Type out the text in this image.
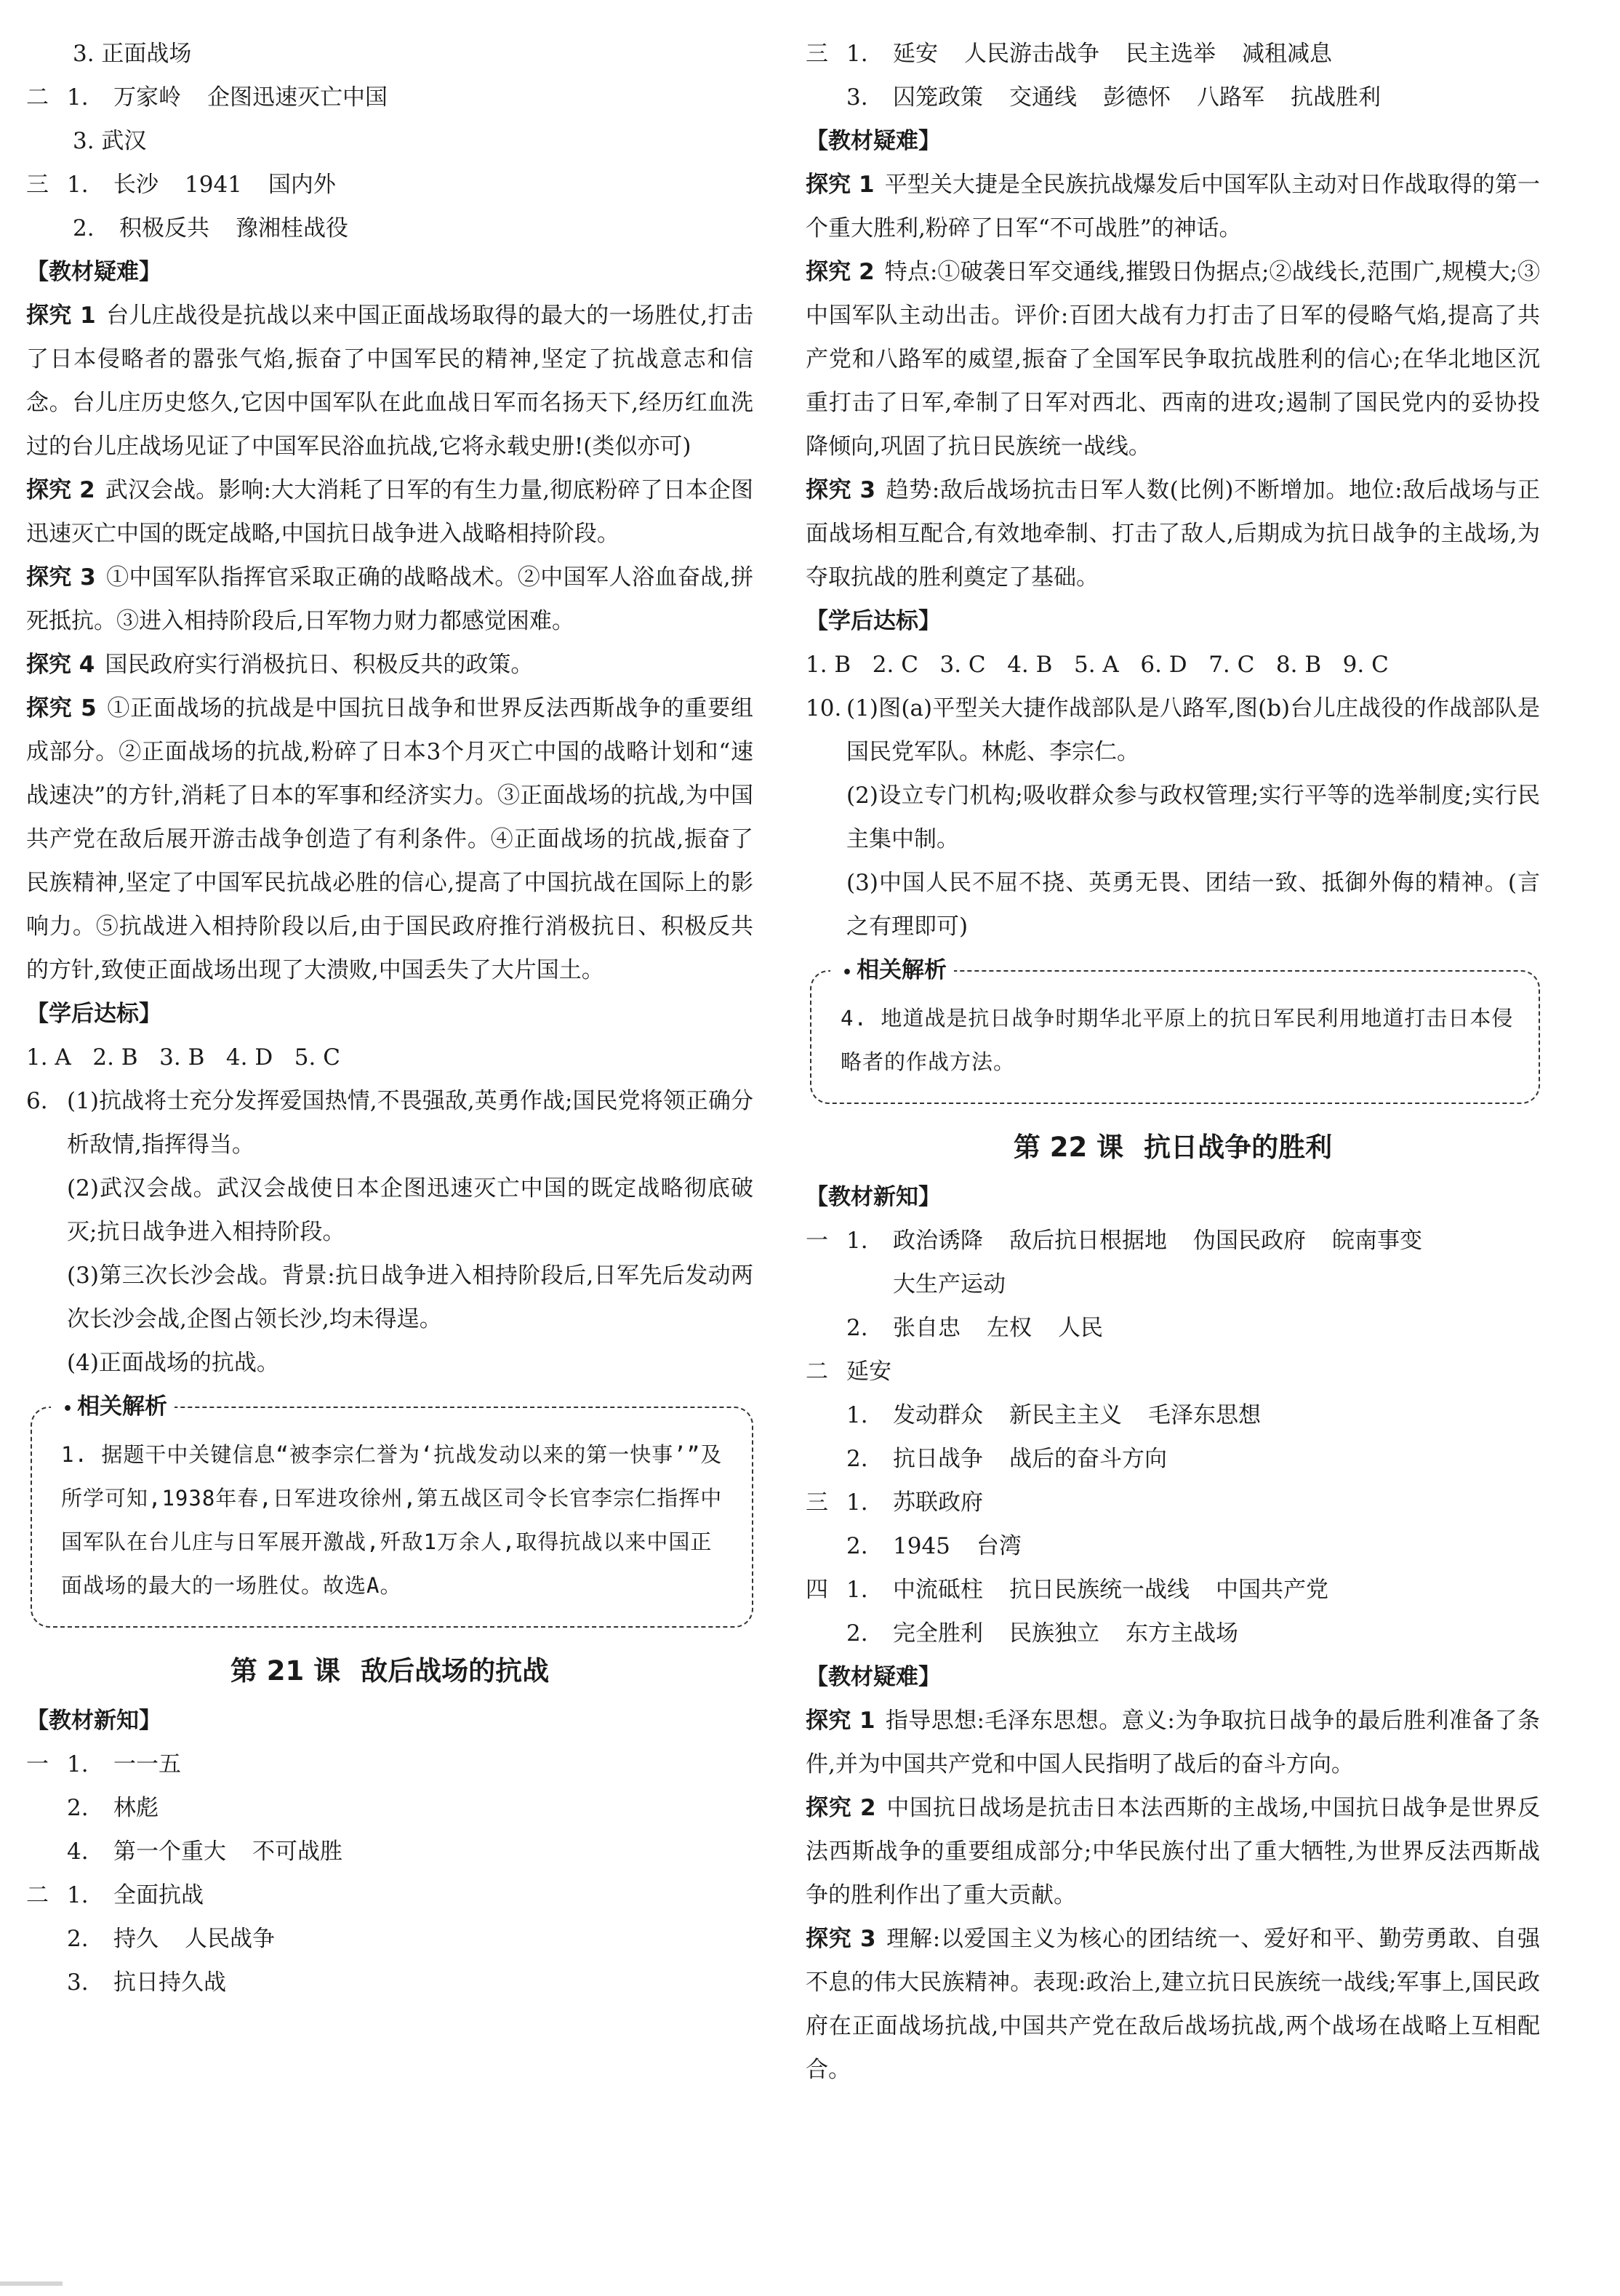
3. 正面战场
二 1.	万家岭 企图迅速灭亡中国
3. 武汉
三 1.	长沙 1941 国内外
2.	积极反共 豫湘桂战役
【教材疑难】

探究 1 台儿庄战役是抗战以来中国正面战场取得的最大的一场胜仗,打击了日本侵略者的嚣张气焰,振奋了中国军民的精神,坚定了抗战意志和信念。台儿庄历史悠久,它因中国军队在此血战日军而名扬天下,经历红血洗过的台儿庄战场见证了中国军民浴血抗战,它将永载史册!(类似亦可)

探究 2 武汉会战。影响:大大消耗了日军的有生力量,彻底粉碎了日本企图迅速灭亡中国的既定战略,中国抗日战争进入战略相持阶段。

探究 3 ①中国军队指挥官采取正确的战略战术。②中国军人浴血奋战,拼死抵抗。③进入相持阶段后,日军物力财力都感觉困难。

探究 4 国民政府实行消极抗日、积极反共的政策。

探究 5 ①正面战场的抗战是中国抗日战争和世界反法西斯战争的重要组成部分。②正面战场的抗战,粉碎了日本3个月灭亡中国的战略计划和“速战速决”的方针,消耗了日本的军事和经济实力。③正面战场的抗战,为中国共产党在敌后展开游击战争创造了有利条件。④正面战场的抗战,振奋了民族精神,坚定了中国军民抗战必胜的信心,提高了中国抗战在国际上的影响力。⑤抗战进入相持阶段以后,由于国民政府推行消极抗日、积极反共的方针,致使正面战场出现了大溃败,中国丢失了大片国土。

【学后达标】
1. A   2. B   3. B   4. D   5. C
6. (1)抗战将士充分发挥爱国热情,不畏强敌,英勇作战;国民党将领正确分析敌情,指挥得当。

(2)武汉会战。武汉会战使日本企图迅速灭亡中国的既定战略彻底破灭;抗日战争进入相持阶段。

(3)第三次长沙会战。背景:抗日战争进入相持阶段后,日军先后发动两次长沙会战,企图占领长沙,均未得逞。

(4)正面战场的抗战。

• 相关解析

1. 据题干中关键信息“被李宗仁誉为‘抗战发动以来的第一快事’”及所学可知,1938年春,日军进攻徐州,第五战区司令长官李宗仁指挥中国军队在台儿庄与日军展开激战,歼敌1万余人,取得抗战以来中国正面战场的最大的一场胜仗。故选A。

第 21 课 敌后战场的抗战
【教材新知】
一 1.	一一五
2.	林彪
4.	第一个重大 不可战胜
二 1.	全面抗战
2.	持久 人民战争
3.	抗日持久战
三 1.	延安 人民游击战争 民主选举 减租减息
3.	囚笼政策 交通线 彭德怀 八路军 抗战胜利
【教材疑难】

探究 1 平型关大捷是全民族抗战爆发后中国军队主动对日作战取得的第一个重大胜利,粉碎了日军“不可战胜”的神话。

探究 2 特点:①破袭日军交通线,摧毁日伪据点;②战线长,范围广,规模大;③中国军队主动出击。评价:百团大战有力打击了日军的侵略气焰,提高了共产党和八路军的威望,振奋了全国军民争取抗战胜利的信心;在华北地区沉重打击了日军,牵制了日军对西北、西南的进攻;遏制了国民党内的妥协投降倾向,巩固了抗日民族统一战线。

探究 3 趋势:敌后战场抗击日军人数(比例)不断增加。地位:敌后战场与正面战场相互配合,有效地牵制、打击了敌人,后期成为抗日战争的主战场,为夺取抗战的胜利奠定了基础。

【学后达标】
1. B   2. C   3. C   4. B   5. A   6. D   7. C   8. B   9. C
10. (1)图(a)平型关大捷作战部队是八路军,图(b)台儿庄战役的作战部队是国民党军队。林彪、李宗仁。

(2)设立专门机构;吸收群众参与政权管理;实行平等的选举制度;实行民主集中制。

(3)中国人民不屈不挠、英勇无畏、团结一致、抵御外侮的精神。(言之有理即可)

• 相关解析

4. 地道战是抗日战争时期华北平原上的抗日军民利用地道打击日本侵略者的作战方法。

第 22 课 抗日战争的胜利
【教材新知】
一 1.	政治诱降 敌后抗日根据地 伪国民政府 皖南事变
大生产运动
2.	张自忠 左权 人民
二 延安
1.	发动群众 新民主主义 毛泽东思想
2.	抗日战争 战后的奋斗方向
三 1.	苏联政府
2.	1945 台湾
四 1.	中流砥柱 抗日民族统一战线 中国共产党
2.	完全胜利 民族独立 东方主战场
【教材疑难】

探究 1 指导思想:毛泽东思想。意义:为争取抗日战争的最后胜利准备了条件,并为中国共产党和中国人民指明了战后的奋斗方向。

探究 2 中国抗日战场是抗击日本法西斯的主战场,中国抗日战争是世界反法西斯战争的重要组成部分;中华民族付出了重大牺牲,为世界反法西斯战争的胜利作出了重大贡献。

探究 3 理解:以爱国主义为核心的团结统一、爱好和平、勤劳勇敢、自强不息的伟大民族精神。表现:政治上,建立抗日民族统一战线;军事上,国民政府在正面战场抗战,中国共产党在敌后战场抗战,两个战场在战略上互相配合。
